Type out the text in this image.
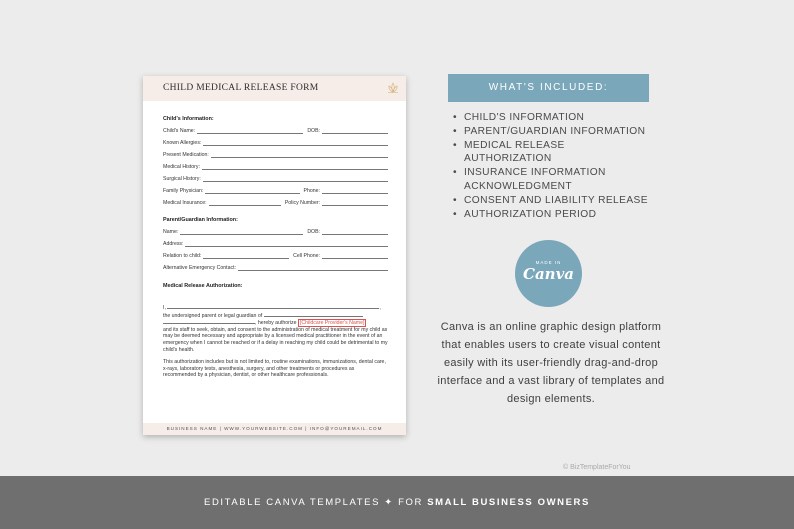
CHILD MEDICAL RELEASE FORM
Child's Information:
Child's Name:	DOB:
Known Allergies:
Present Medication:
Medical History:
Surgical History:
Family Physician:	Phone:
Medical Insurance:	Policy Number:
Parent/Guardian Information:
Name:	DOB:
Address:
Relation to child:	Cell Phone:
Alternative Emergency Contact:
Medical Release Authorization:

I,	,
the undersigned parent or legal guardian of
, hereby authorize [Childcare Provider's Name]
and its staff to seek, obtain, and consent to the administration of medical treatment for my child as may be deemed necessary and appropriate by a licensed medical practitioner in the event of an emergency when I cannot be reached or if a delay in reaching my child could be detrimental to my child's health.

This authorization includes but is not limited to, routine examinations, immunizations, dental care, x-rays, laboratory tests, anesthesia, surgery, and other treatments or procedures as recommended by a physician, dentist, or other healthcare professionals.

BUSINESS NAME | WWW.YOURWEBSITE.COM | INFO@YOUREMAIL.COM
WHAT'S INCLUDED:
• CHILD'S INFORMATION
• PARENT/GUARDIAN INFORMATION
• MEDICAL RELEASE AUTHORIZATION
• INSURANCE INFORMATION ACKNOWLEDGMENT
• CONSENT AND LIABILITY RELEASE
• AUTHORIZATION PERIOD
MADE IN
Canva
Canva is an online graphic design platform that enables users to create visual content easily with its user-friendly drag-and-drop interface and a vast library of templates and design elements.
© BizTemplateForYou
EDITABLE CANVA TEMPLATES ✦ FOR SMALL BUSINESS OWNERS
